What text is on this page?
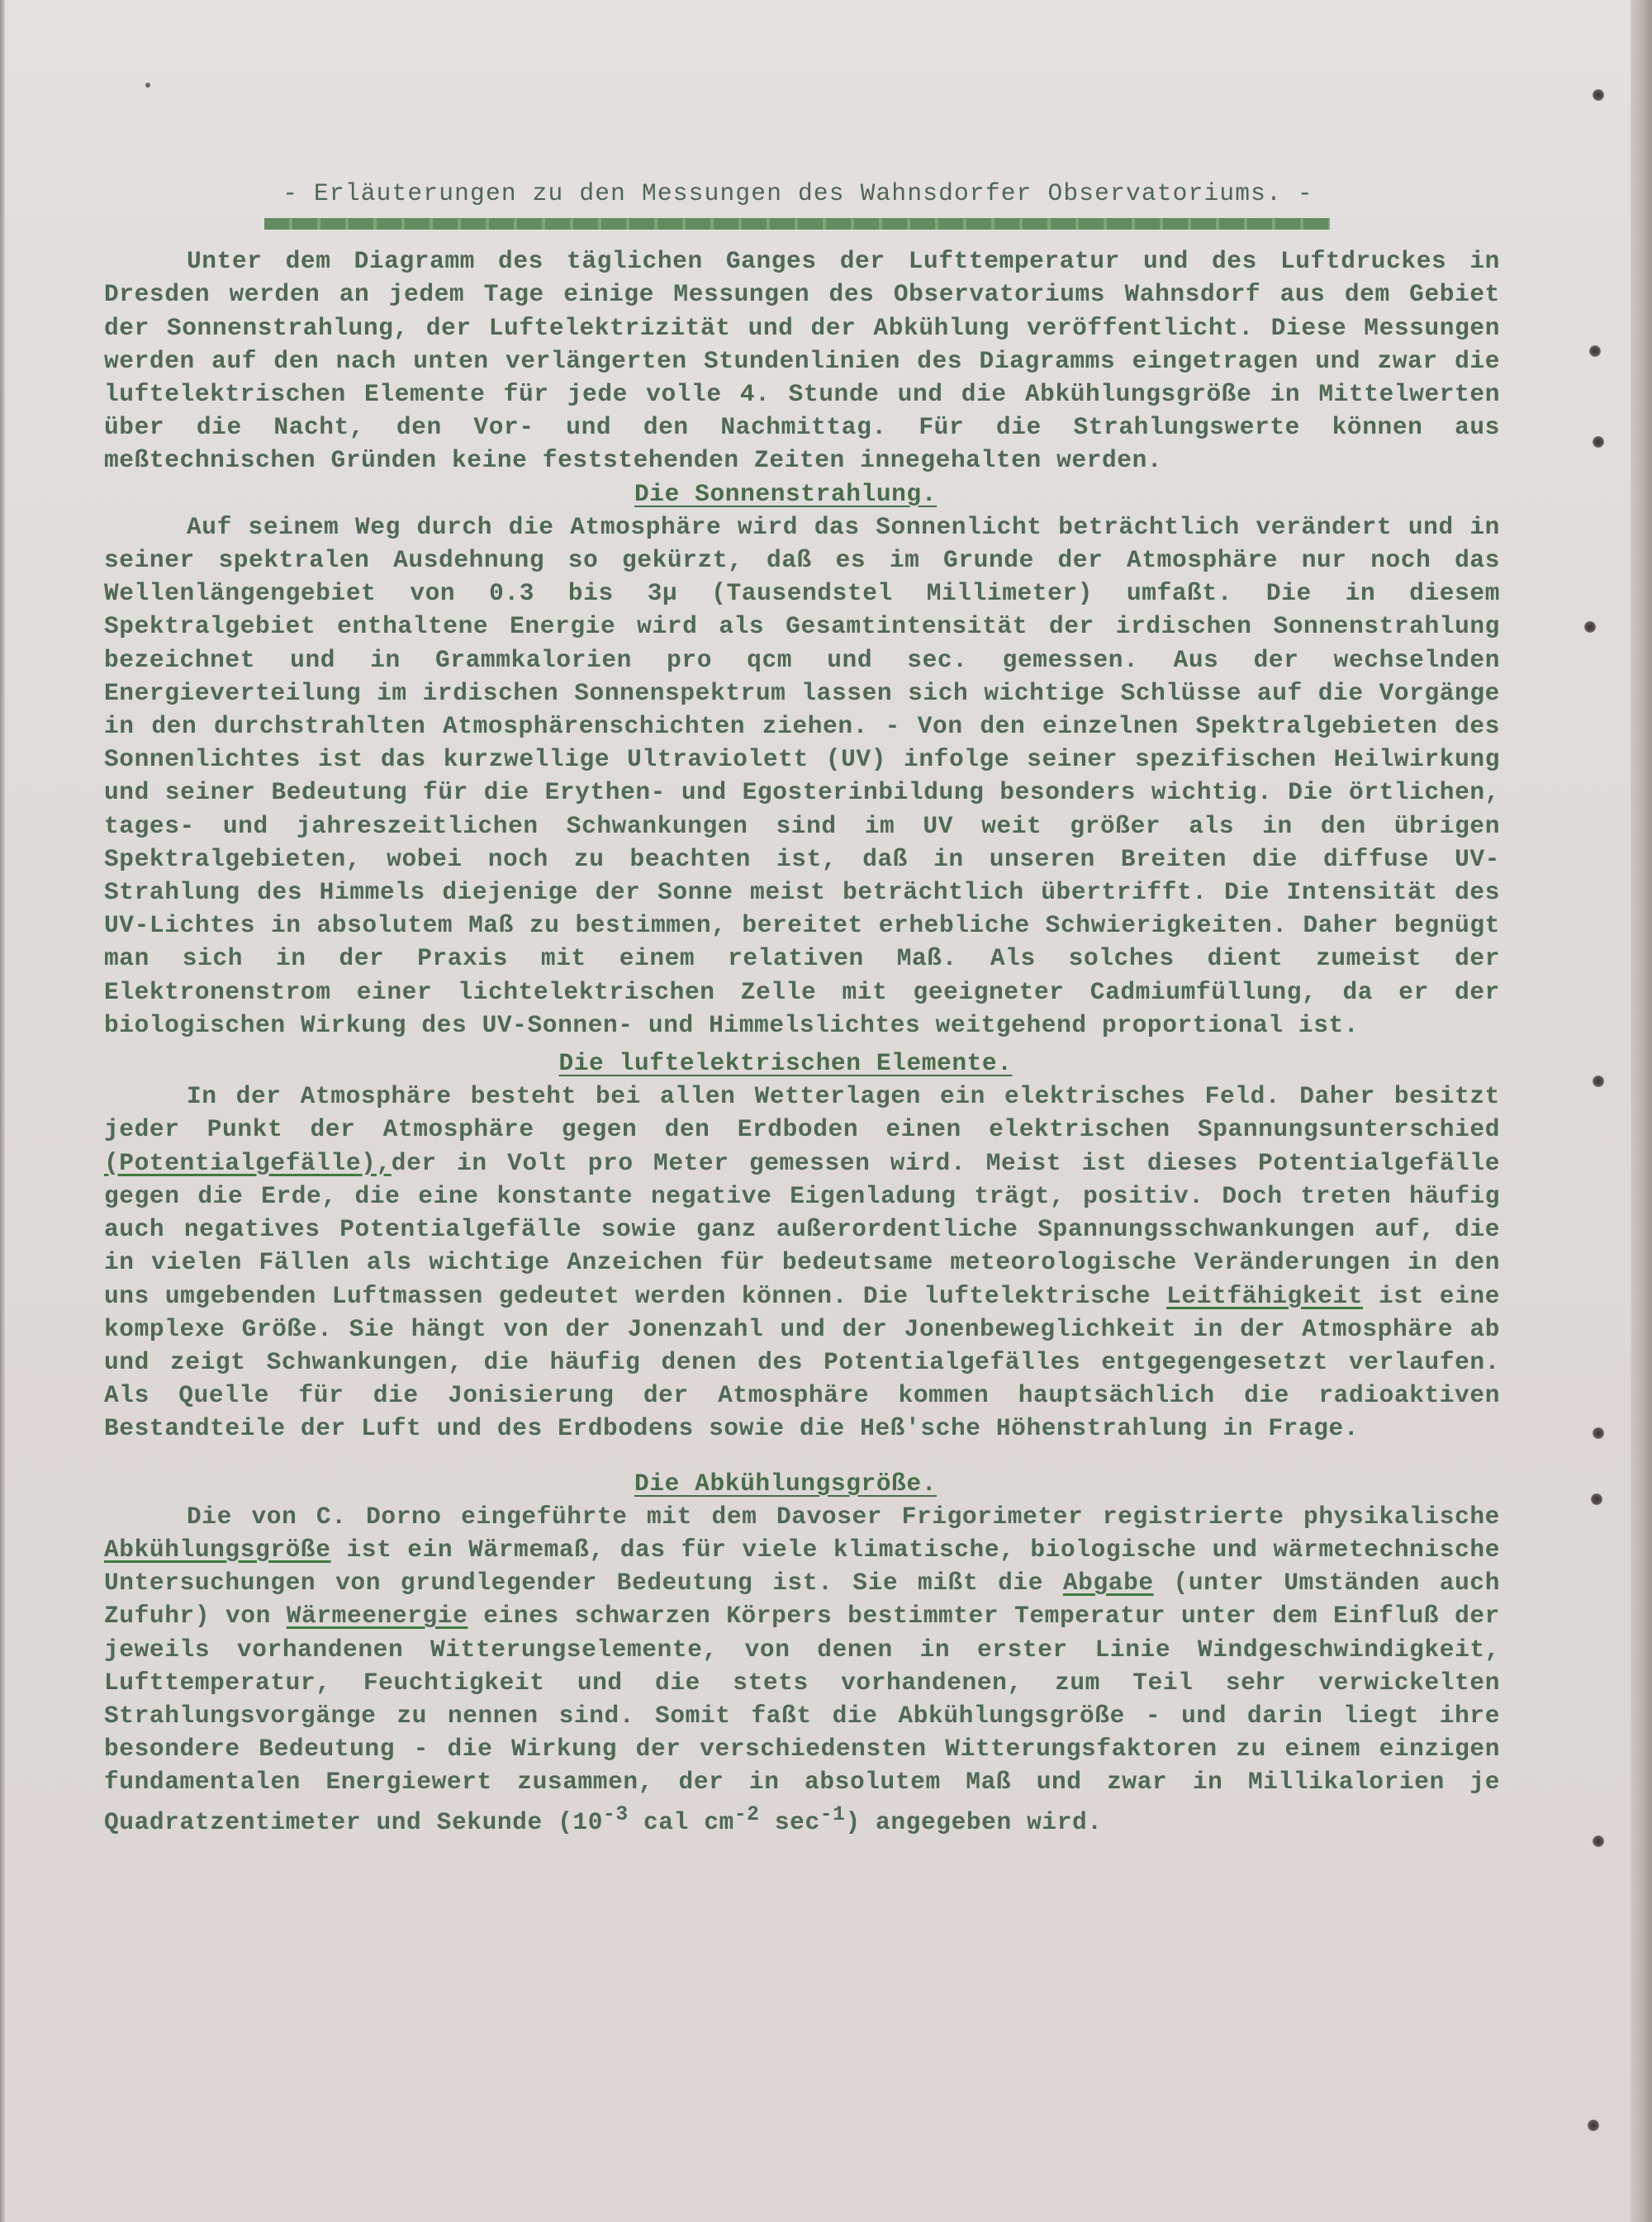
- Erläuterungen zu den Messungen des Wahnsdorfer Observatoriums. -

Unter dem Diagramm des täglichen Ganges der Lufttemperatur und des Luftdruckes in Dresden werden an jedem Tage einige Messungen des Observatoriums Wahnsdorf aus dem Gebiet der Sonnenstrahlung, der Luftelektrizität und der Abkühlung veröffentlicht. Diese Messungen werden auf den nach unten verlängerten Stundenlinien des Diagramms eingetragen und zwar die luftelektrischen Elemente für jede volle 4. Stunde und die Abkühlungsgröße in Mittelwerten über die Nacht, den Vor- und den Nachmittag. Für die Strahlungswerte können aus meßtechnischen Gründen keine feststehenden Zeiten innegehalten werden.

Die Sonnenstrahlung.

Auf seinem Weg durch die Atmosphäre wird das Sonnenlicht beträchtlich verändert und in seiner spektralen Ausdehnung so gekürzt, daß es im Grunde der Atmosphäre nur noch das Wellenlängengebiet von 0.3 bis 3µ (Tausendstel Millimeter) umfaßt. Die in diesem Spektralgebiet enthaltene Energie wird als Gesamtintensität der irdischen Sonnenstrahlung bezeichnet und in Grammkalorien pro qcm und sec. gemessen. Aus der wechselnden Energieverteilung im irdischen Sonnenspektrum lassen sich wichtige Schlüsse auf die Vorgänge in den durchstrahlten Atmosphärenschichten ziehen. - Von den einzelnen Spektralgebieten des Sonnenlichtes ist das kurzwellige Ultraviolett (UV) infolge seiner spezifischen Heilwirkung und seiner Bedeutung für die Erythen- und Egosterinbildung besonders wichtig. Die örtlichen, tages- und jahreszeitlichen Schwankungen sind im UV weit größer als in den übrigen Spektralgebieten, wobei noch zu beachten ist, daß in unseren Breiten die diffuse UV-Strahlung des Himmels diejenige der Sonne meist beträchtlich übertrifft. Die Intensität des UV-Lichtes in absolutem Maß zu bestimmen, bereitet erhebliche Schwierigkeiten. Daher begnügt man sich in der Praxis mit einem relativen Maß. Als solches dient zumeist der Elektronenstrom einer lichtelektrischen Zelle mit geeigneter Cadmiumfüllung, da er der biologischen Wirkung des UV-Sonnen- und Himmelslichtes weitgehend proportional ist.

Die luftelektrischen Elemente.

In der Atmosphäre besteht bei allen Wetterlagen ein elektrisches Feld. Daher besitzt jeder Punkt der Atmosphäre gegen den Erdboden einen elektrischen Spannungsunterschied (Potentialgefälle),der in Volt pro Meter gemessen wird. Meist ist dieses Potentialgefälle gegen die Erde, die eine konstante negative Eigenladung trägt, positiv. Doch treten häufig auch negatives Potentialgefälle sowie ganz außerordentliche Spannungsschwankungen auf, die in vielen Fällen als wichtige Anzeichen für bedeutsame meteorologische Veränderungen in den uns umgebenden Luftmassen gedeutet werden können. Die luftelektrische Leitfähigkeit ist eine komplexe Größe. Sie hängt von der Jonenzahl und der Jonenbeweglichkeit in der Atmosphäre ab und zeigt Schwankungen, die häufig denen des Potentialgefälles entgegengesetzt verlaufen. Als Quelle für die Jonisierung der Atmosphäre kommen hauptsächlich die radioaktiven Bestandteile der Luft und des Erdbodens sowie die Heß'sche Höhenstrahlung in Frage.

Die Abkühlungsgröße.

Die von C. Dorno eingeführte mit dem Davoser Frigorimeter registrierte physikalische Abkühlungsgröße ist ein Wärmemaß, das für viele klimatische, biologische und wärmetechnische Untersuchungen von grundlegender Bedeutung ist. Sie mißt die Abgabe (unter Umständen auch Zufuhr) von Wärmeenergie eines schwarzen Körpers bestimmter Temperatur unter dem Einfluß der jeweils vorhandenen Witterungselemente, von denen in erster Linie Windgeschwindigkeit, Lufttemperatur, Feuchtigkeit und die stets vorhandenen, zum Teil sehr verwickelten Strahlungsvorgänge zu nennen sind. Somit faßt die Abkühlungsgröße - und darin liegt ihre besondere Bedeutung - die Wirkung der verschiedensten Witterungsfaktoren zu einem einzigen fundamentalen Energiewert zusammen, der in absolutem Maß und zwar in Millikalorien je Quadratzentimeter und Sekunde ($10^{-3}$ cal $cm^{-2}$ $\sec^{-1}$) angegeben wird.
